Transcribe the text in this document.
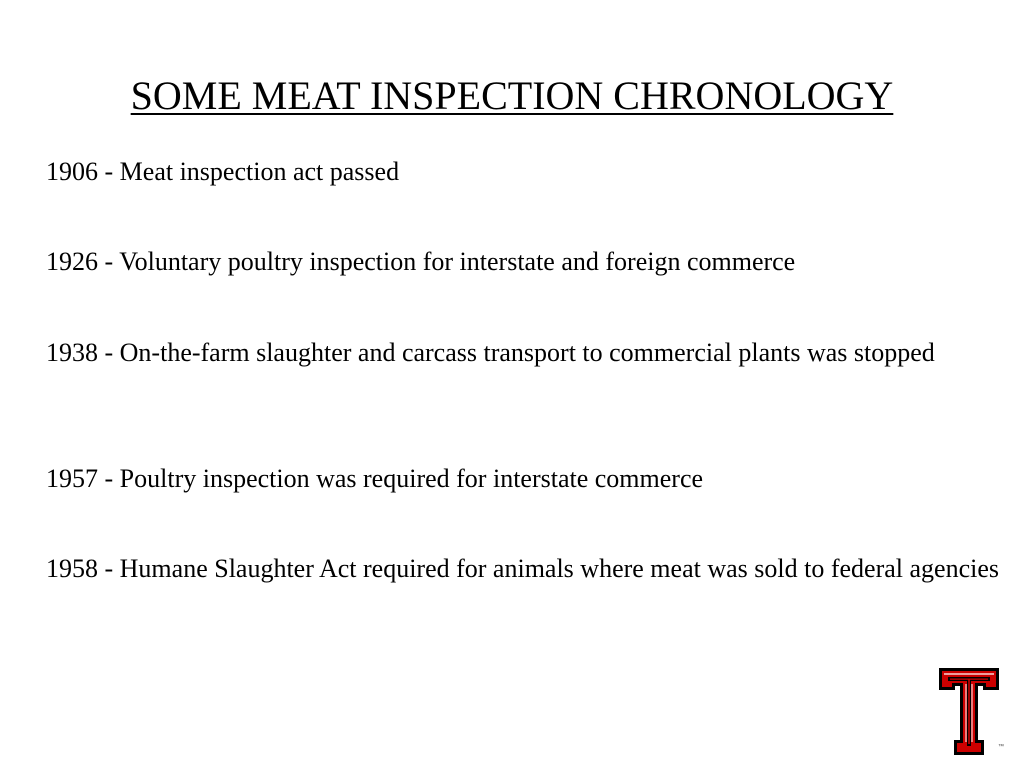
SOME MEAT INSPECTION CHRONOLOGY

1906 - Meat inspection act passed

1926 - Voluntary poultry inspection for interstate and foreign commerce

1938 - On-the-farm slaughter and carcass transport to commercial plants was stopped

1957 - Poultry inspection was required for interstate commerce

1958 - Humane Slaughter Act required for animals where meat was sold to federal agencies

™
